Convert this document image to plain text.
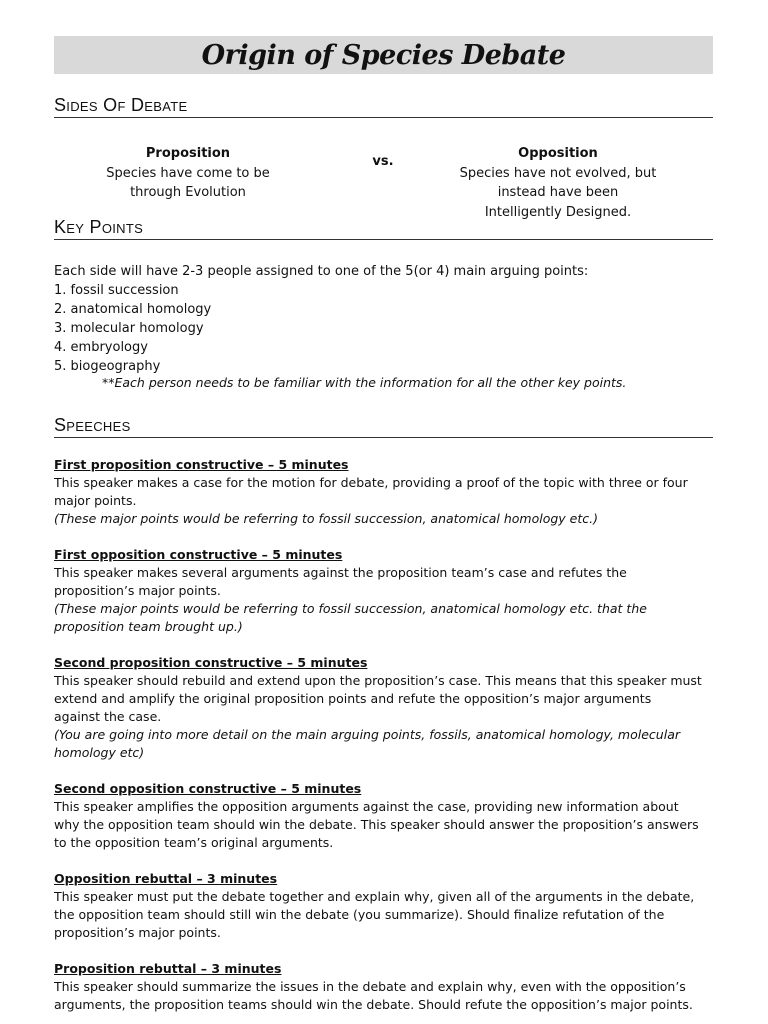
Origin of Species Debate
Sides Of Debate
Proposition
Species have come to be
through Evolution
vs.
Opposition
Species have not evolved, but
instead have been
Intelligently Designed.
Key Points
Each side will have 2-3 people assigned to one of the 5(or 4) main arguing points:
1. fossil succession
2. anatomical homology
3. molecular homology
4. embryology
5. biogeography
**Each person needs to be familiar with the information for all the other key points.
Speeches
First proposition constructive – 5 minutes
This speaker makes a case for the motion for debate, providing a proof of the topic with three or four
major points.
(These major points would be referring to fossil succession, anatomical homology etc.)
First opposition constructive – 5 minutes
This speaker makes several arguments against the proposition team’s case and refutes the
proposition’s major points.
(These major points would be referring to fossil succession, anatomical homology etc. that the
proposition team brought up.)
Second proposition constructive – 5 minutes
This speaker should rebuild and extend upon the proposition’s case. This means that this speaker must
extend and amplify the original proposition points and refute the opposition’s major arguments
against the case.
(You are going into more detail on the main arguing points, fossils, anatomical homology, molecular
homology etc)
Second opposition constructive – 5 minutes
This speaker amplifies the opposition arguments against the case, providing new information about
why the opposition team should win the debate. This speaker should answer the proposition’s answers
to the opposition team’s original arguments.
Opposition rebuttal – 3 minutes
This speaker must put the debate together and explain why, given all of the arguments in the debate,
the opposition team should still win the debate (you summarize). Should finalize refutation of the
proposition’s major points.
Proposition rebuttal – 3 minutes
This speaker should summarize the issues in the debate and explain why, even with the opposition’s
arguments, the proposition teams should win the debate. Should refute the opposition’s major points.
